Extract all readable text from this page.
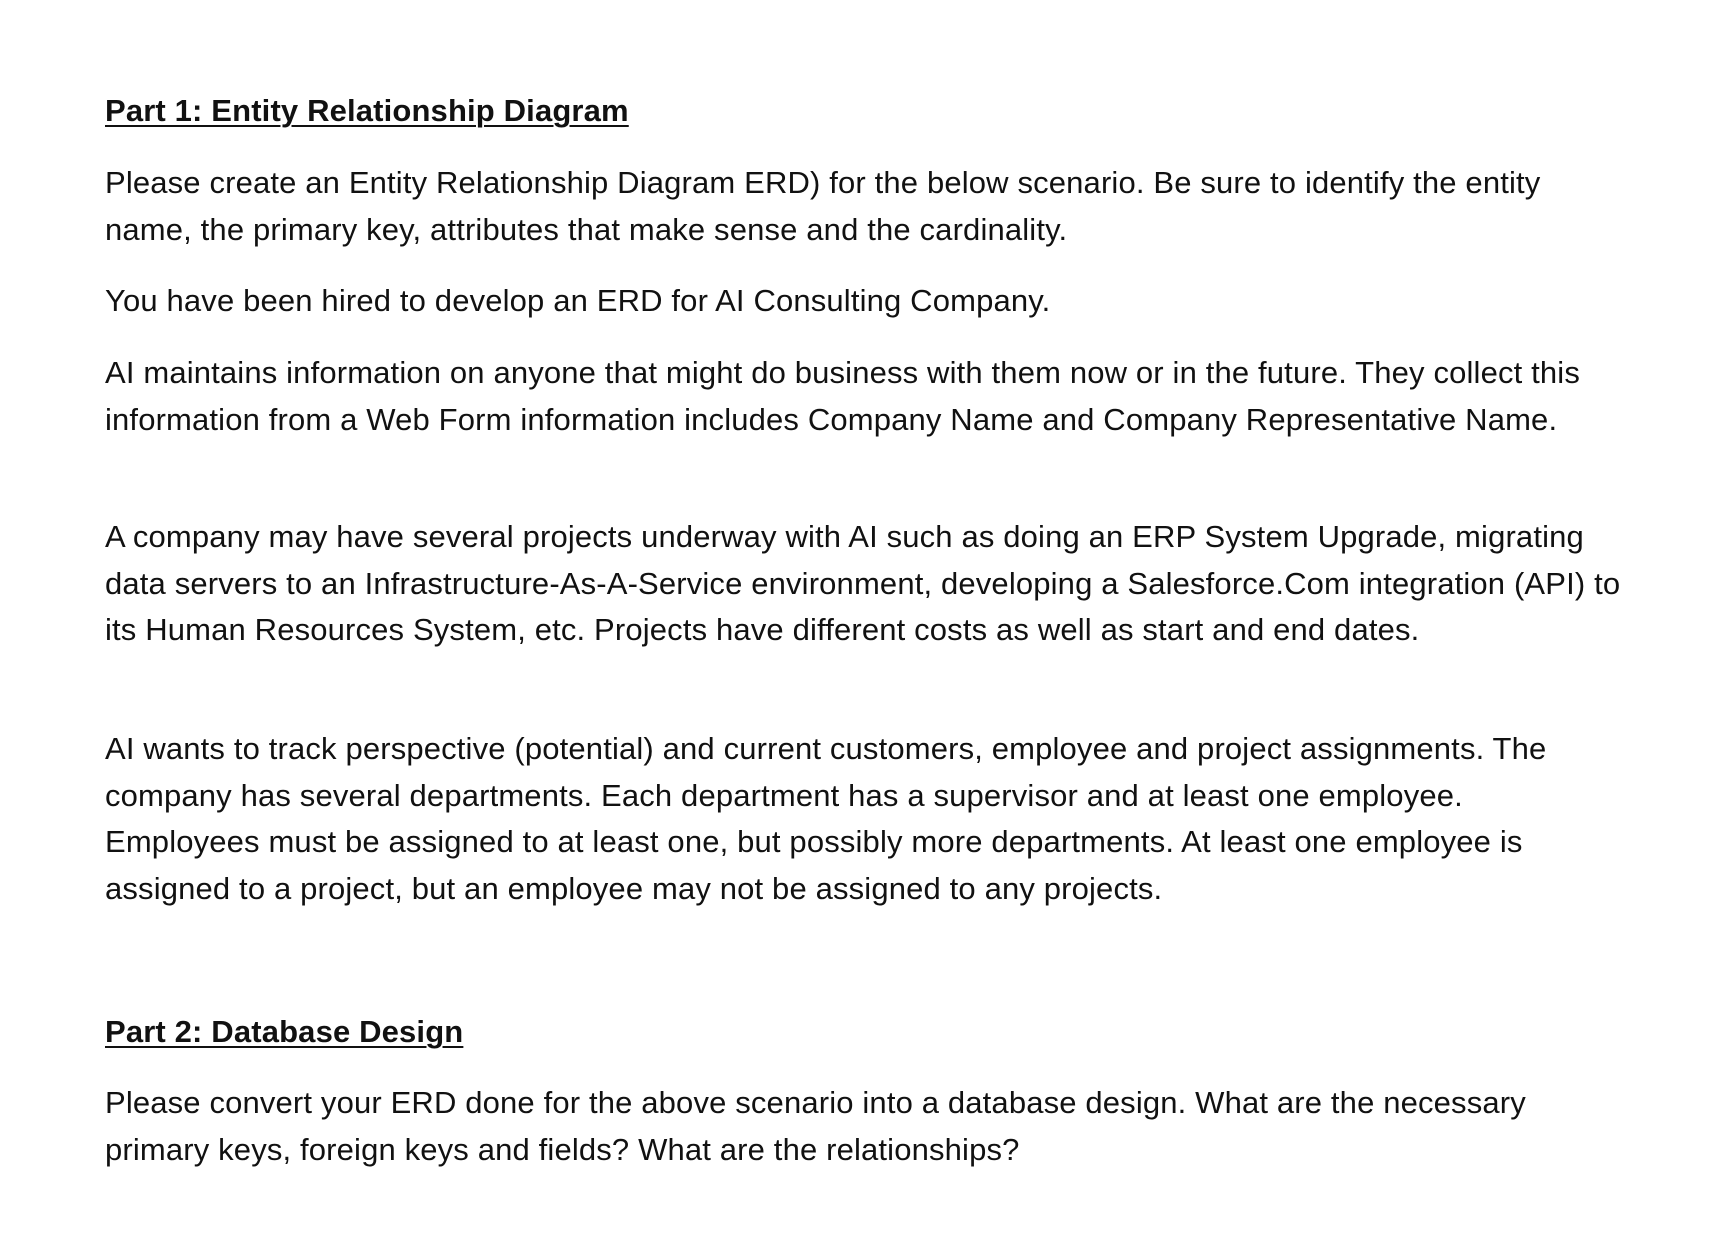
Part 1: Entity Relationship Diagram

Please create an Entity Relationship Diagram ERD) for the below scenario. Be sure to identify the entity name, the primary key, attributes that make sense and the cardinality.

You have been hired to develop an ERD for AI Consulting Company.

AI maintains information on anyone that might do business with them now or in the future. They collect this information from a Web Form information includes Company Name and Company Representative Name.

A company may have several projects underway with AI such as doing an ERP System Upgrade, migrating data servers to an Infrastructure-As-A-Service environment, developing a Salesforce.Com integration (API) to its Human Resources System, etc. Projects have different costs as well as start and end dates.

AI wants to track perspective (potential) and current customers, employee and project assignments. The company has several departments. Each department has a supervisor and at least one employee. Employees must be assigned to at least one, but possibly more departments. At least one employee is assigned to a project, but an employee may not be assigned to any projects.

Part 2: Database Design

Please convert your ERD done for the above scenario into a database design. What are the necessary primary keys, foreign keys and fields? What are the relationships?
